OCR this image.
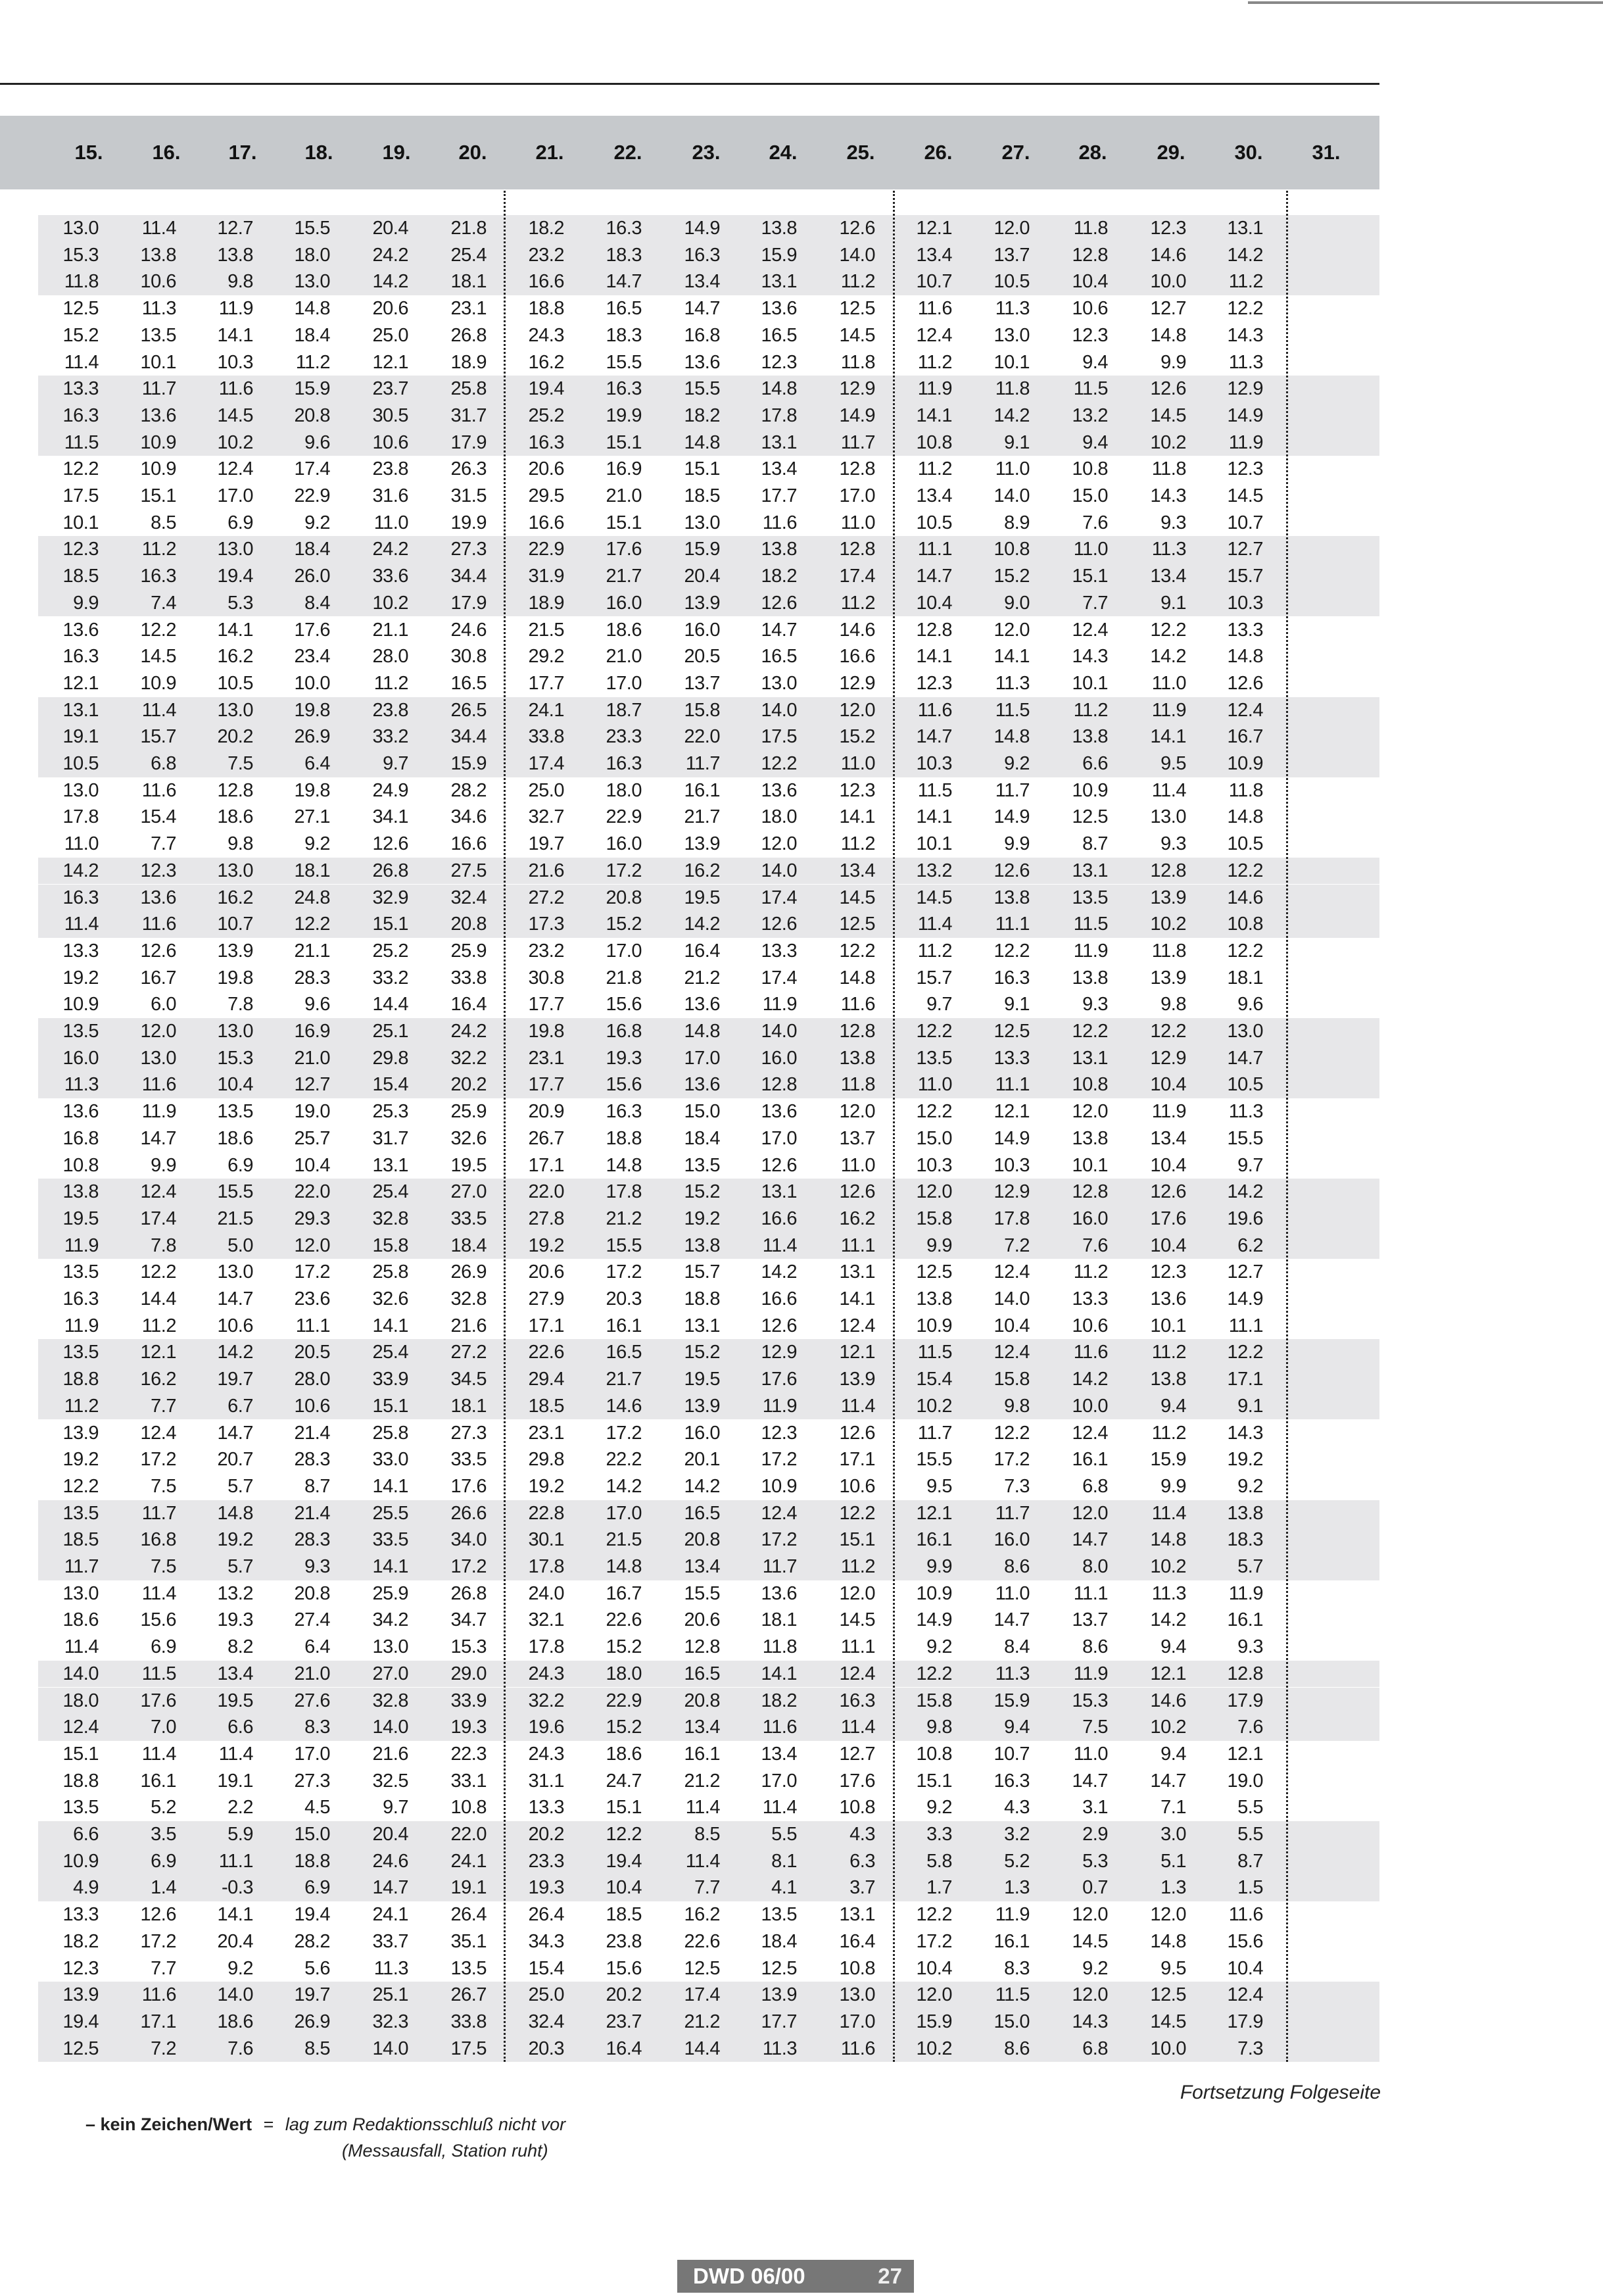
15.	16.	17.	18.	19.	20.	21.	22.	23.	24.	25.	26.	27.	28.	29.	30.	31.
13.0	11.4	12.7	15.5	20.4	21.8	18.2	16.3	14.9	13.8	12.6	12.1	12.0	11.8	12.3	13.1
15.3	13.8	13.8	18.0	24.2	25.4	23.2	18.3	16.3	15.9	14.0	13.4	13.7	12.8	14.6	14.2
11.8	10.6	9.8	13.0	14.2	18.1	16.6	14.7	13.4	13.1	11.2	10.7	10.5	10.4	10.0	11.2
12.5	11.3	11.9	14.8	20.6	23.1	18.8	16.5	14.7	13.6	12.5	11.6	11.3	10.6	12.7	12.2
15.2	13.5	14.1	18.4	25.0	26.8	24.3	18.3	16.8	16.5	14.5	12.4	13.0	12.3	14.8	14.3
11.4	10.1	10.3	11.2	12.1	18.9	16.2	15.5	13.6	12.3	11.8	11.2	10.1	9.4	9.9	11.3
13.3	11.7	11.6	15.9	23.7	25.8	19.4	16.3	15.5	14.8	12.9	11.9	11.8	11.5	12.6	12.9
16.3	13.6	14.5	20.8	30.5	31.7	25.2	19.9	18.2	17.8	14.9	14.1	14.2	13.2	14.5	14.9
11.5	10.9	10.2	9.6	10.6	17.9	16.3	15.1	14.8	13.1	11.7	10.8	9.1	9.4	10.2	11.9
12.2	10.9	12.4	17.4	23.8	26.3	20.6	16.9	15.1	13.4	12.8	11.2	11.0	10.8	11.8	12.3
17.5	15.1	17.0	22.9	31.6	31.5	29.5	21.0	18.5	17.7	17.0	13.4	14.0	15.0	14.3	14.5
10.1	8.5	6.9	9.2	11.0	19.9	16.6	15.1	13.0	11.6	11.0	10.5	8.9	7.6	9.3	10.7
12.3	11.2	13.0	18.4	24.2	27.3	22.9	17.6	15.9	13.8	12.8	11.1	10.8	11.0	11.3	12.7
18.5	16.3	19.4	26.0	33.6	34.4	31.9	21.7	20.4	18.2	17.4	14.7	15.2	15.1	13.4	15.7
9.9	7.4	5.3	8.4	10.2	17.9	18.9	16.0	13.9	12.6	11.2	10.4	9.0	7.7	9.1	10.3
13.6	12.2	14.1	17.6	21.1	24.6	21.5	18.6	16.0	14.7	14.6	12.8	12.0	12.4	12.2	13.3
16.3	14.5	16.2	23.4	28.0	30.8	29.2	21.0	20.5	16.5	16.6	14.1	14.1	14.3	14.2	14.8
12.1	10.9	10.5	10.0	11.2	16.5	17.7	17.0	13.7	13.0	12.9	12.3	11.3	10.1	11.0	12.6
13.1	11.4	13.0	19.8	23.8	26.5	24.1	18.7	15.8	14.0	12.0	11.6	11.5	11.2	11.9	12.4
19.1	15.7	20.2	26.9	33.2	34.4	33.8	23.3	22.0	17.5	15.2	14.7	14.8	13.8	14.1	16.7
10.5	6.8	7.5	6.4	9.7	15.9	17.4	16.3	11.7	12.2	11.0	10.3	9.2	6.6	9.5	10.9
13.0	11.6	12.8	19.8	24.9	28.2	25.0	18.0	16.1	13.6	12.3	11.5	11.7	10.9	11.4	11.8
17.8	15.4	18.6	27.1	34.1	34.6	32.7	22.9	21.7	18.0	14.1	14.1	14.9	12.5	13.0	14.8
11.0	7.7	9.8	9.2	12.6	16.6	19.7	16.0	13.9	12.0	11.2	10.1	9.9	8.7	9.3	10.5
14.2	12.3	13.0	18.1	26.8	27.5	21.6	17.2	16.2	14.0	13.4	13.2	12.6	13.1	12.8	12.2
16.3	13.6	16.2	24.8	32.9	32.4	27.2	20.8	19.5	17.4	14.5	14.5	13.8	13.5	13.9	14.6
11.4	11.6	10.7	12.2	15.1	20.8	17.3	15.2	14.2	12.6	12.5	11.4	11.1	11.5	10.2	10.8
13.3	12.6	13.9	21.1	25.2	25.9	23.2	17.0	16.4	13.3	12.2	11.2	12.2	11.9	11.8	12.2
19.2	16.7	19.8	28.3	33.2	33.8	30.8	21.8	21.2	17.4	14.8	15.7	16.3	13.8	13.9	18.1
10.9	6.0	7.8	9.6	14.4	16.4	17.7	15.6	13.6	11.9	11.6	9.7	9.1	9.3	9.8	9.6
13.5	12.0	13.0	16.9	25.1	24.2	19.8	16.8	14.8	14.0	12.8	12.2	12.5	12.2	12.2	13.0
16.0	13.0	15.3	21.0	29.8	32.2	23.1	19.3	17.0	16.0	13.8	13.5	13.3	13.1	12.9	14.7
11.3	11.6	10.4	12.7	15.4	20.2	17.7	15.6	13.6	12.8	11.8	11.0	11.1	10.8	10.4	10.5
13.6	11.9	13.5	19.0	25.3	25.9	20.9	16.3	15.0	13.6	12.0	12.2	12.1	12.0	11.9	11.3
16.8	14.7	18.6	25.7	31.7	32.6	26.7	18.8	18.4	17.0	13.7	15.0	14.9	13.8	13.4	15.5
10.8	9.9	6.9	10.4	13.1	19.5	17.1	14.8	13.5	12.6	11.0	10.3	10.3	10.1	10.4	9.7
13.8	12.4	15.5	22.0	25.4	27.0	22.0	17.8	15.2	13.1	12.6	12.0	12.9	12.8	12.6	14.2
19.5	17.4	21.5	29.3	32.8	33.5	27.8	21.2	19.2	16.6	16.2	15.8	17.8	16.0	17.6	19.6
11.9	7.8	5.0	12.0	15.8	18.4	19.2	15.5	13.8	11.4	11.1	9.9	7.2	7.6	10.4	6.2
13.5	12.2	13.0	17.2	25.8	26.9	20.6	17.2	15.7	14.2	13.1	12.5	12.4	11.2	12.3	12.7
16.3	14.4	14.7	23.6	32.6	32.8	27.9	20.3	18.8	16.6	14.1	13.8	14.0	13.3	13.6	14.9
11.9	11.2	10.6	11.1	14.1	21.6	17.1	16.1	13.1	12.6	12.4	10.9	10.4	10.6	10.1	11.1
13.5	12.1	14.2	20.5	25.4	27.2	22.6	16.5	15.2	12.9	12.1	11.5	12.4	11.6	11.2	12.2
18.8	16.2	19.7	28.0	33.9	34.5	29.4	21.7	19.5	17.6	13.9	15.4	15.8	14.2	13.8	17.1
11.2	7.7	6.7	10.6	15.1	18.1	18.5	14.6	13.9	11.9	11.4	10.2	9.8	10.0	9.4	9.1
13.9	12.4	14.7	21.4	25.8	27.3	23.1	17.2	16.0	12.3	12.6	11.7	12.2	12.4	11.2	14.3
19.2	17.2	20.7	28.3	33.0	33.5	29.8	22.2	20.1	17.2	17.1	15.5	17.2	16.1	15.9	19.2
12.2	7.5	5.7	8.7	14.1	17.6	19.2	14.2	14.2	10.9	10.6	9.5	7.3	6.8	9.9	9.2
13.5	11.7	14.8	21.4	25.5	26.6	22.8	17.0	16.5	12.4	12.2	12.1	11.7	12.0	11.4	13.8
18.5	16.8	19.2	28.3	33.5	34.0	30.1	21.5	20.8	17.2	15.1	16.1	16.0	14.7	14.8	18.3
11.7	7.5	5.7	9.3	14.1	17.2	17.8	14.8	13.4	11.7	11.2	9.9	8.6	8.0	10.2	5.7
13.0	11.4	13.2	20.8	25.9	26.8	24.0	16.7	15.5	13.6	12.0	10.9	11.0	11.1	11.3	11.9
18.6	15.6	19.3	27.4	34.2	34.7	32.1	22.6	20.6	18.1	14.5	14.9	14.7	13.7	14.2	16.1
11.4	6.9	8.2	6.4	13.0	15.3	17.8	15.2	12.8	11.8	11.1	9.2	8.4	8.6	9.4	9.3
14.0	11.5	13.4	21.0	27.0	29.0	24.3	18.0	16.5	14.1	12.4	12.2	11.3	11.9	12.1	12.8
18.0	17.6	19.5	27.6	32.8	33.9	32.2	22.9	20.8	18.2	16.3	15.8	15.9	15.3	14.6	17.9
12.4	7.0	6.6	8.3	14.0	19.3	19.6	15.2	13.4	11.6	11.4	9.8	9.4	7.5	10.2	7.6
15.1	11.4	11.4	17.0	21.6	22.3	24.3	18.6	16.1	13.4	12.7	10.8	10.7	11.0	9.4	12.1
18.8	16.1	19.1	27.3	32.5	33.1	31.1	24.7	21.2	17.0	17.6	15.1	16.3	14.7	14.7	19.0
13.5	5.2	2.2	4.5	9.7	10.8	13.3	15.1	11.4	11.4	10.8	9.2	4.3	3.1	7.1	5.5
6.6	3.5	5.9	15.0	20.4	22.0	20.2	12.2	8.5	5.5	4.3	3.3	3.2	2.9	3.0	5.5
10.9	6.9	11.1	18.8	24.6	24.1	23.3	19.4	11.4	8.1	6.3	5.8	5.2	5.3	5.1	8.7
4.9	1.4	-0.3	6.9	14.7	19.1	19.3	10.4	7.7	4.1	3.7	1.7	1.3	0.7	1.3	1.5
13.3	12.6	14.1	19.4	24.1	26.4	26.4	18.5	16.2	13.5	13.1	12.2	11.9	12.0	12.0	11.6
18.2	17.2	20.4	28.2	33.7	35.1	34.3	23.8	22.6	18.4	16.4	17.2	16.1	14.5	14.8	15.6
12.3	7.7	9.2	5.6	11.3	13.5	15.4	15.6	12.5	12.5	10.8	10.4	8.3	9.2	9.5	10.4
13.9	11.6	14.0	19.7	25.1	26.7	25.0	20.2	17.4	13.9	13.0	12.0	11.5	12.0	12.5	12.4
19.4	17.1	18.6	26.9	32.3	33.8	32.4	23.7	21.2	17.7	17.0	15.9	15.0	14.3	14.5	17.9
12.5	7.2	7.6	8.5	14.0	17.5	20.3	16.4	14.4	11.3	11.6	10.2	8.6	6.8	10.0	7.3
Fortsetzung Folgeseite
– kein Zeichen/Wert = lag zum Redaktionsschluß nicht vor
(Messausfall, Station ruht)
DWD 06/00	27
